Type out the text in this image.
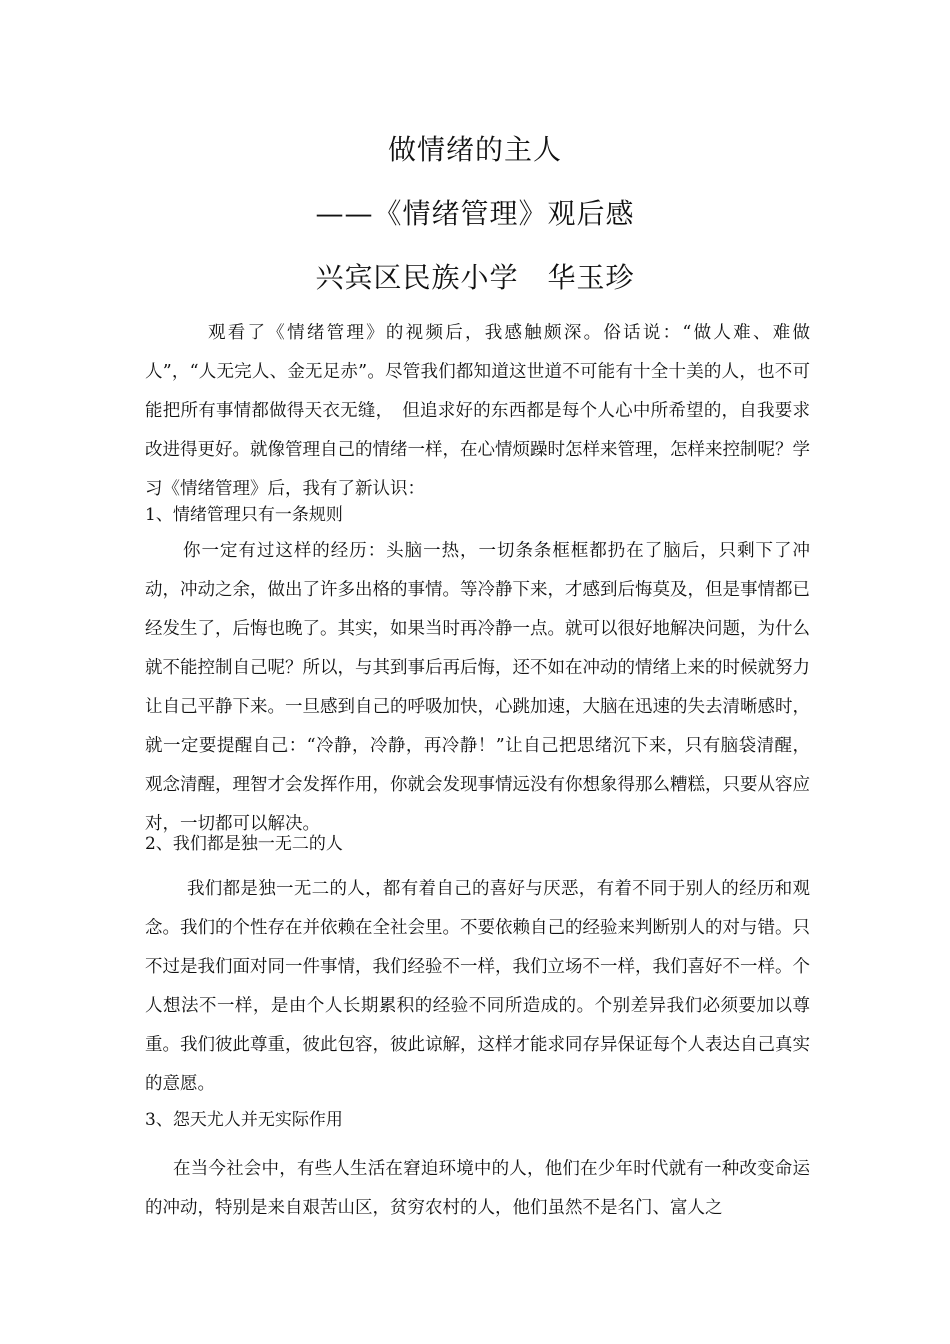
做情绪的主人
——《情绪管理》观后感
兴宾区民族小学　华玉珍

观看了《情绪管理》的视频后，我感触颇深。俗话说：“做人难、难做人”，“人无完人、金无足赤”。尽管我们都知道这世道不可能有十全十美的人，也不可能把所有事情都做得天衣无缝，　但追求好的东西都是每个人心中所希望的，自我要求改进得更好。就像管理自己的情绪一样，在心情烦躁时怎样来管理，怎样来控制呢？学习《情绪管理》后，我有了新认识：

1、情绪管理只有一条规则

你一定有过这样的经历：头脑一热，一切条条框框都扔在了脑后，只剩下了冲动，冲动之余，做出了许多出格的事情。等冷静下来，才感到后悔莫及，但是事情都已经发生了，后悔也晚了。其实，如果当时再冷静一点。就可以很好地解决问题，为什么就不能控制自己呢？所以，与其到事后再后悔，还不如在冲动的情绪上来的时候就努力让自己平静下来。一旦感到自己的呼吸加快，心跳加速，大脑在迅速的失去清晰感时，就一定要提醒自己：“冷静，冷静，再冷静！”让自己把思绪沉下来，只有脑袋清醒，观念清醒，理智才会发挥作用，你就会发现事情远没有你想象得那么糟糕，只要从容应对，一切都可以解决。

2、我们都是独一无二的人

我们都是独一无二的人，都有着自己的喜好与厌恶，有着不同于别人的经历和观念。我们的个性存在并依赖在全社会里。不要依赖自己的经验来判断别人的对与错。只不过是我们面对同一件事情，我们经验不一样，我们立场不一样，我们喜好不一样。个人想法不一样，是由个人长期累积的经验不同所造成的。个别差异我们必须要加以尊重。我们彼此尊重，彼此包容，彼此谅解，这样才能求同存异保证每个人表达自己真实的意愿。

3、怨天尤人并无实际作用

在当今社会中，有些人生活在窘迫环境中的人，他们在少年时代就有一种改变命运的冲动，特别是来自艰苦山区，贫穷农村的人，他们虽然不是名门、富人之
